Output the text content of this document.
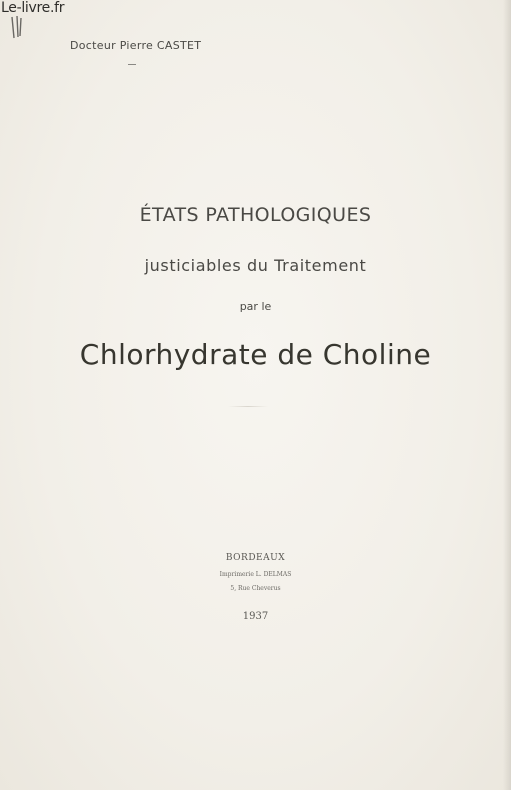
Le-livre.fr
Docteur Pierre CASTET
ÉTATS PATHOLOGIQUES
justiciables du Traitement
par le
Chlorhydrate de Choline
BORDEAUX
Imprimerie L. DELMAS
5, Rue Cheverus
1937
